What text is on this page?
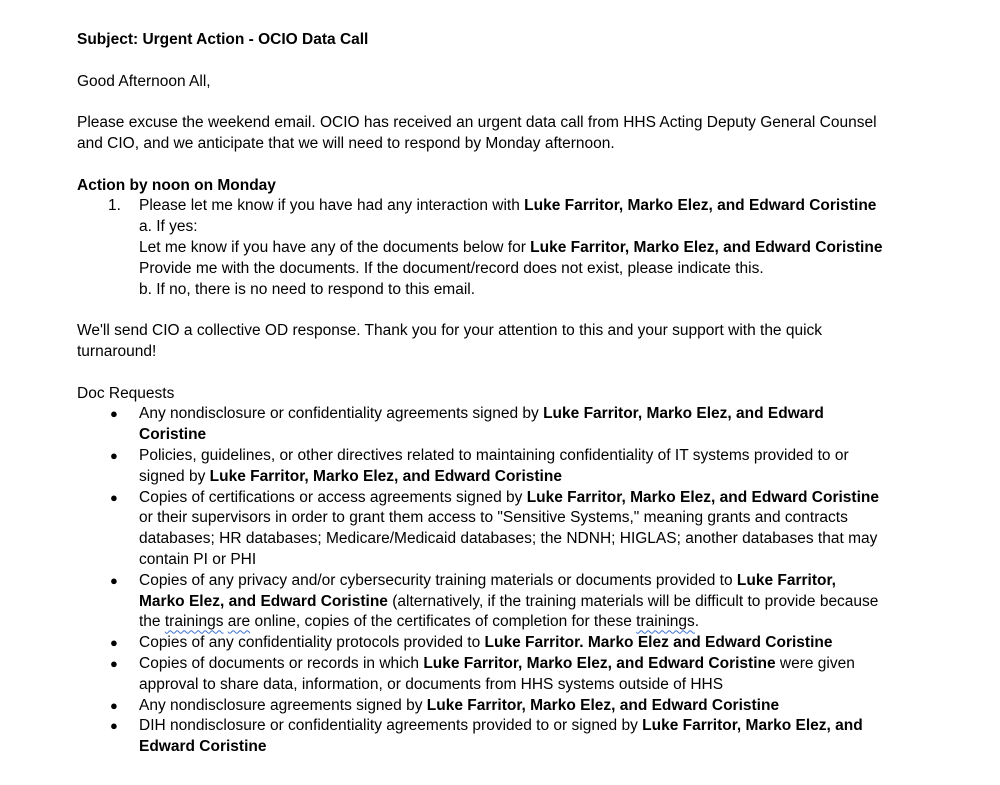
Subject: Urgent Action - OCIO Data Call

Good Afternoon All,

Please excuse the weekend email. OCIO has received an urgent data call from HHS Acting Deputy General Counsel

and CIO, and we anticipate that we will need to respond by Monday afternoon.

Action by noon on Monday

1.	Please let me know if you have had any interaction with Luke Farritor, Marko Elez, and Edward Coristine

a. If yes:

Let me know if you have any of the documents below for Luke Farritor, Marko Elez, and Edward Coristine

Provide me with the documents. If the document/record does not exist, please indicate this.

b. If no, there is no need to respond to this email.

We'll send CIO a collective OD response. Thank you for your attention to this and your support with the quick

turnaround!

Doc Requests

●	Any nondisclosure or confidentiality agreements signed by Luke Farritor, Marko Elez, and Edward

Coristine

●	Policies, guidelines, or other directives related to maintaining confidentiality of IT systems provided to or

signed by Luke Farritor, Marko Elez, and Edward Coristine

●	Copies of certifications or access agreements signed by Luke Farritor, Marko Elez, and Edward Coristine

or their supervisors in order to grant them access to "Sensitive Systems," meaning grants and contracts

databases; HR databases; Medicare/Medicaid databases; the NDNH; HIGLAS; another databases that may

contain PI or PHI

●	Copies of any privacy and/or cybersecurity training materials or documents provided to Luke Farritor,

Marko Elez, and Edward Coristine (alternatively, if the training materials will be difficult to provide because

the trainings are online, copies of the certificates of completion for these trainings.

●	Copies of any confidentiality protocols provided to Luke Farritor. Marko Elez and Edward Coristine

●	Copies of documents or records in which Luke Farritor, Marko Elez, and Edward Coristine were given

approval to share data, information, or documents from HHS systems outside of HHS

●	Any nondisclosure agreements signed by Luke Farritor, Marko Elez, and Edward Coristine

●	DIH nondisclosure or confidentiality agreements provided to or signed by Luke Farritor, Marko Elez, and

Edward Coristine
